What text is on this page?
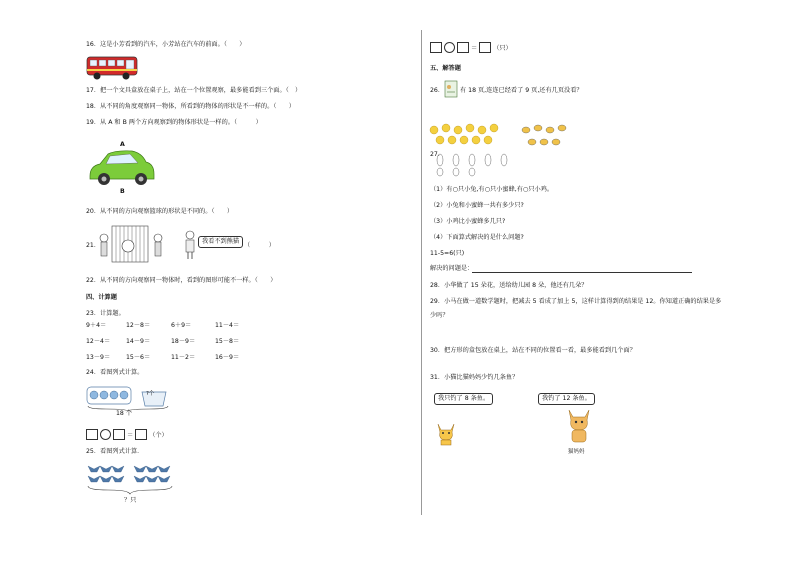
16．这是小芳看到的汽车，小芳站在汽车的前面。（　　）
17．把一个文具盒放在桌子上，站在一个位置观察，最多能看到三个面。（　）
18．从不同的角度观察同一物体，所看到的物体的形状是不一样的。（　　）
19．从 A 和 B 两个方向观察到的物体形状是一样的。（　　　）
A
B
20．从不同的方向观察篮球的形状是不同的。（　　）
21．
我看不到熊猫
（　　　）
22．从不同的方向观察同一物体时，看到的图形可能不一样。（　　）
四、计算题
23．计算题。
9＋4＝	12－8＝	6＋9＝	11－4＝
12－4＝	14－9＝	18－9＝	15－8＝
13－9＝	15－6＝	11－2＝	16－9＝
24．看图列式计算。
?个
18 个
＝	（个）
25．看图列式计算．
？只
＝	（只）
五、解答题
26．	有 18 页,连连已经看了 9 页,还有几页没看？
27．
（1）有○只小兔,有○只小蜜蜂,有○只小鸡。
（2）小兔和小蜜蜂一共有多少只?
（3）小鸡比小蜜蜂多几只?
（4）下面算式解决的是什么问题?
11-5=6(只)
解决的问题是：
28．小华做了 15 朵花，送给幼儿园 8 朵，他还有几朵？
29．小马在做一道数学题时，把减去 5 看成了加上 5，这样计算得到的结果是 12。你知道正确的结果是多
少吗？
30．把方形的盒包放在桌上，站在不同的位置看一看，最多能看到几个面？
31．小猫比猫妈妈少钓几条鱼？
我只钓了 8 条鱼。	我钓了 12 条鱼。
猫妈妈
